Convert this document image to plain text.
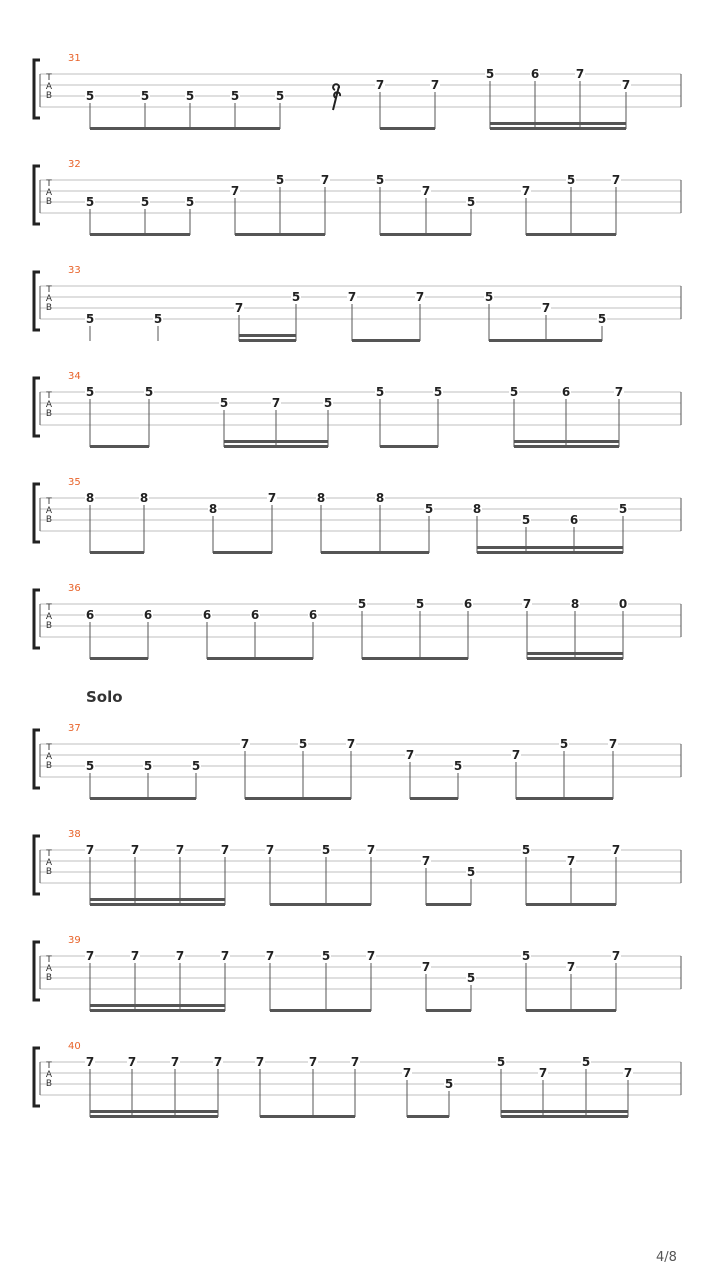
T
A
B
31
5	5	5	5	5
7	7
5	6	7
7
T
A
B
32
5	5	5
7
5	7	5
7
5
7
5	7
T
A
B
33
5	5
7
5	7	7	5
7
5
T
A
B
34
5	5
5	7	5
5	5	5	6	7
T
A
B
35
8	8
8
7	8	8
5	8
5	6
5
T
A
B
36
6	6	6	6	6
5	5	6	7	8	0
T
A
B
37
5	5	5
7	5	7
7
5
7
5	7
T
A
B
38
7	7	7	7	7	5	7
7
5
5
7
7
T
A
B
39
7	7	7	7	7	5	7
7
5
5
7
7
T
A
B
40
7	7	7	7	7	7	7
7
5
5
7
5
7
Solo
4/8
